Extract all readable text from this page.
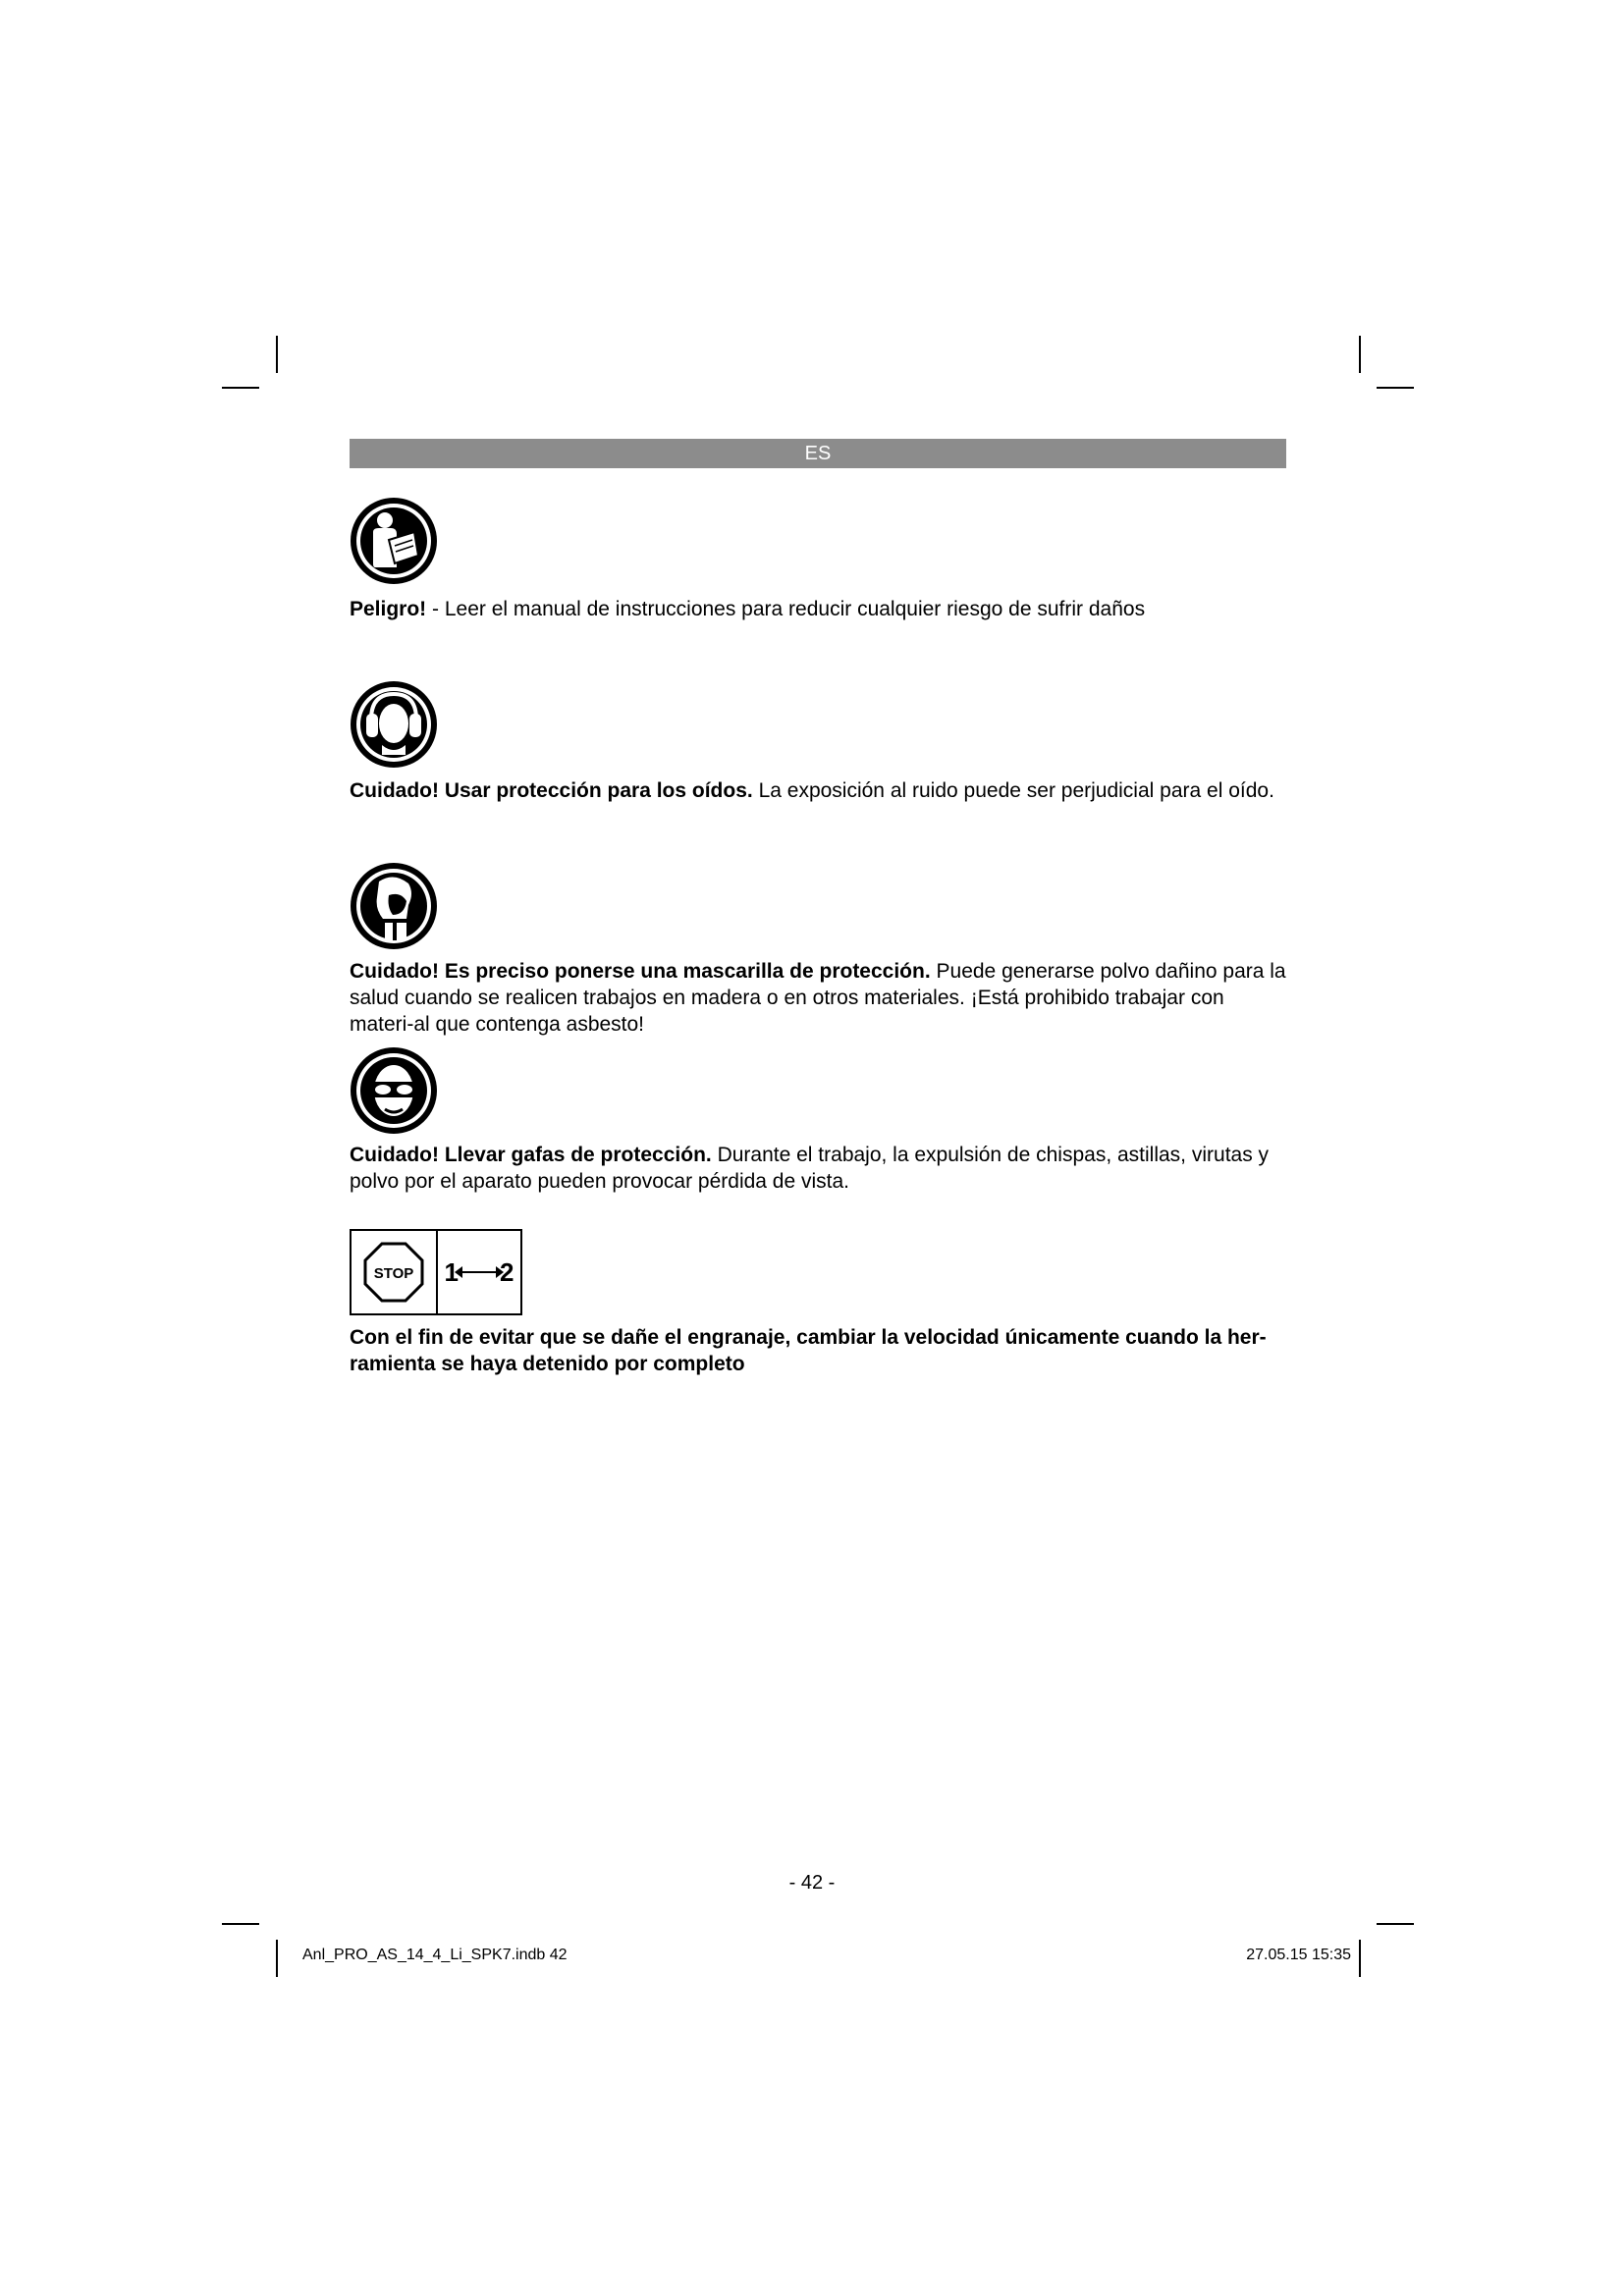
ES
Peligro! - Leer el manual de instrucciones para reducir cualquier riesgo de sufrir daños
Cuidado! Usar protección para los oídos. La exposición al ruido puede ser perjudicial para el oído.
Cuidado! Es preciso ponerse una mascarilla de protección. Puede generarse polvo dañino para la salud cuando se realicen trabajos en madera o en otros materiales. ¡Está prohibido trabajar con materi-al que contenga asbesto!
Cuidado! Llevar gafas de protección. Durante el trabajo, la expulsión de chispas, astillas, virutas y polvo por el aparato pueden provocar pérdida de vista.
STOP 1 2
Con el fin de evitar que se dañe el engranaje, cambiar la velocidad únicamente cuando la her-ramienta se haya detenido por completo
- 42 -
Anl_PRO_AS_14_4_Li_SPK7.indb 42	27.05.15 15:35
